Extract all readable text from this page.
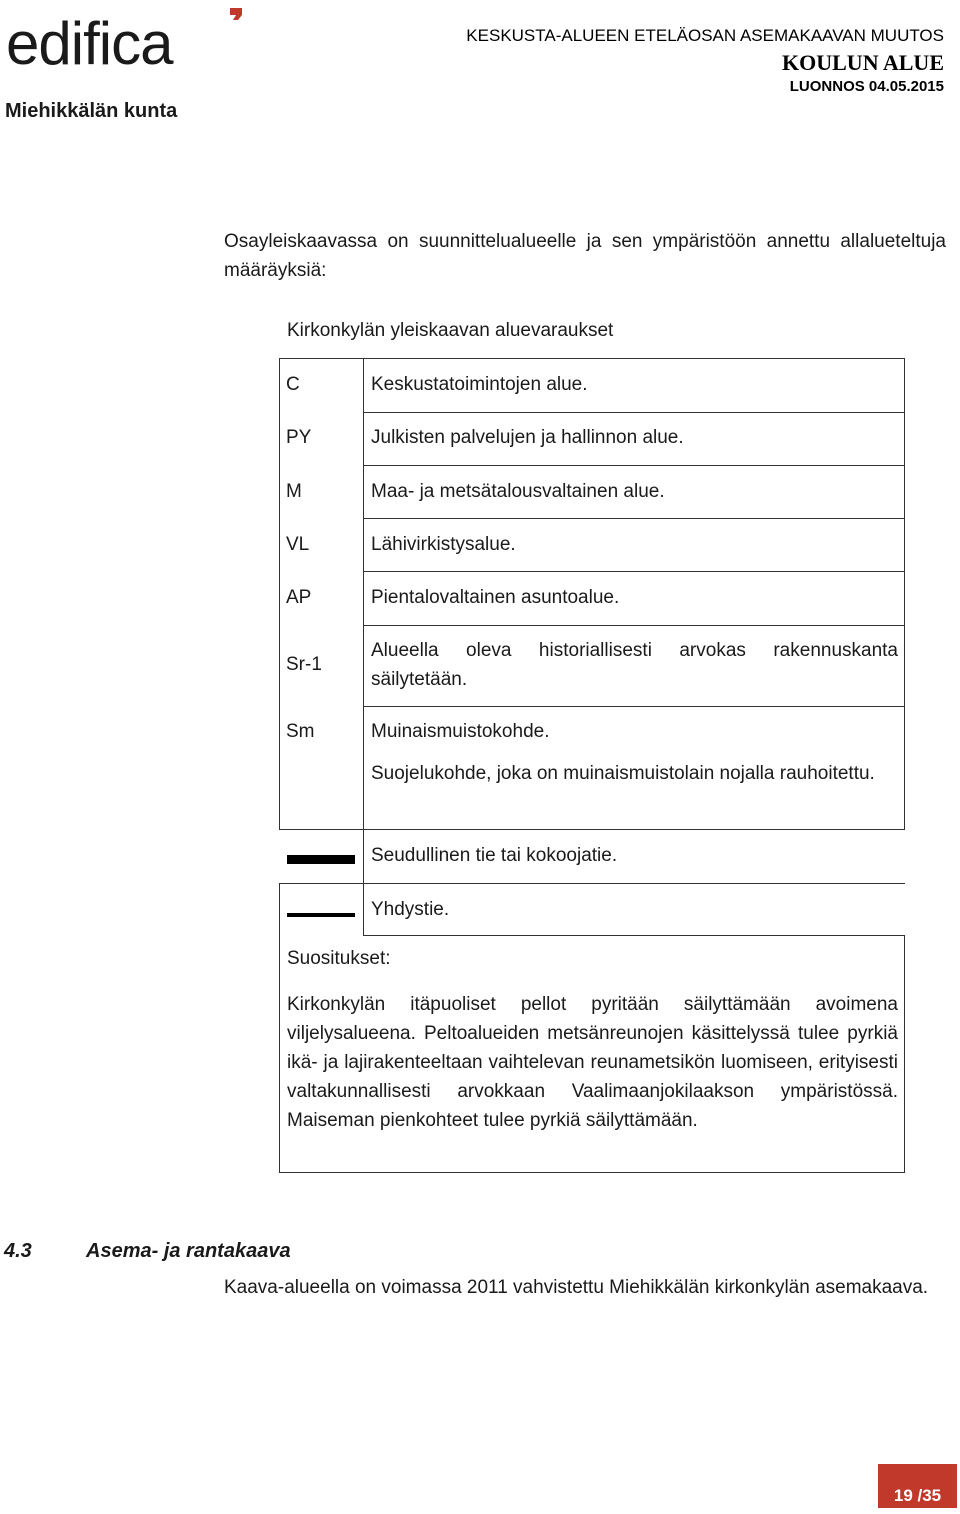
edifica
Miehikkälän kunta
KESKUSTA-ALUEEN ETELÄOSAN ASEMAKAAVAN MUUTOS
KOULUN ALUE
LUONNOS 04.05.2015
Osayleiskaavassa on suunnittelualueelle ja sen ympäristöön annettu allalueteltuja määräyksiä:
Kirkonkylän yleiskaavan aluevaraukset
C
PY
M
VL
AP
Sr-1
Sm
Keskustatoimintojen alue.
Julkisten palvelujen ja hallinnon alue.
Maa- ja metsätalousvaltainen alue.
Lähivirkistysalue.
Pientalovaltainen asuntoalue.
Alueella oleva historiallisesti arvokas rakennuskanta säilytetään.
Muinaismuistokohde.
Suojelukohde, joka on muinaismuistolain nojalla rauhoitettu.
Seudullinen tie tai kokoojatie.
Yhdystie.
Suositukset:
Kirkonkylän itäpuoliset pellot pyritään säilyttämään avoimena viljelysalueena. Peltoalueiden metsänreunojen käsittelyssä tulee pyrkiä ikä- ja lajirakenteeltaan vaihtelevan reunametsikön luomiseen, erityisesti valtakunnallisesti arvokkaan Vaalimaanjokilaakson ympäristössä. Maiseman pienkohteet tulee pyrkiä säilyttämään.
4.3	Asema- ja rantakaava
Kaava-alueella on voimassa 2011 vahvistettu Miehikkälän kirkonkylän asemakaava.
19 /35
